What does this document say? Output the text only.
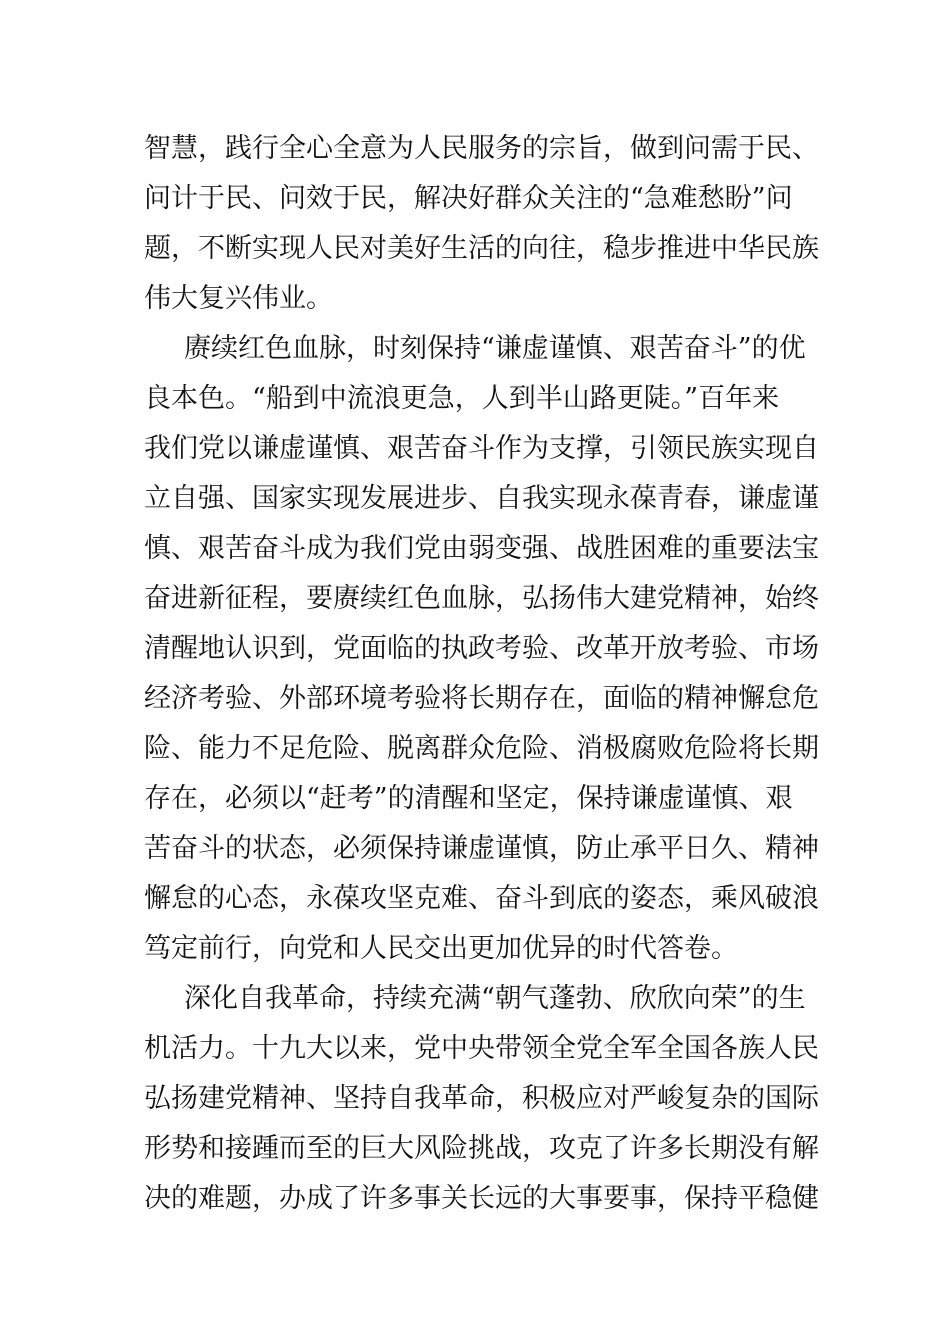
智慧，践行全心全意为人民服务的宗旨，做到问需于民、
问计于民、问效于民，解决好群众关注的“急难愁盼”问
题，不断实现人民对美好生活的向往，稳步推进中华民族
伟大复兴伟业。
赓续红色血脉，时刻保持“谦虚谨慎、艰苦奋斗”的优
良本色。“船到中流浪更急，人到半山路更陡。”百年来
我们党以谦虚谨慎、艰苦奋斗作为支撑，引领民族实现自
立自强、国家实现发展进步、自我实现永葆青春，谦虚谨
慎、艰苦奋斗成为我们党由弱变强、战胜困难的重要法宝
奋进新征程，要赓续红色血脉，弘扬伟大建党精神，始终
清醒地认识到，党面临的执政考验、改革开放考验、市场
经济考验、外部环境考验将长期存在，面临的精神懈怠危
险、能力不足危险、脱离群众危险、消极腐败危险将长期
存在，必须以“赶考”的清醒和坚定，保持谦虚谨慎、艰
苦奋斗的状态，必须保持谦虚谨慎，防止承平日久、精神
懈怠的心态，永葆攻坚克难、奋斗到底的姿态，乘风破浪
笃定前行，向党和人民交出更加优异的时代答卷。
深化自我革命，持续充满“朝气蓬勃、欣欣向荣”的生
机活力。十九大以来，党中央带领全党全军全国各族人民
弘扬建党精神、坚持自我革命，积极应对严峻复杂的国际
形势和接踵而至的巨大风险挑战，攻克了许多长期没有解
决的难题，办成了许多事关长远的大事要事，保持平稳健
